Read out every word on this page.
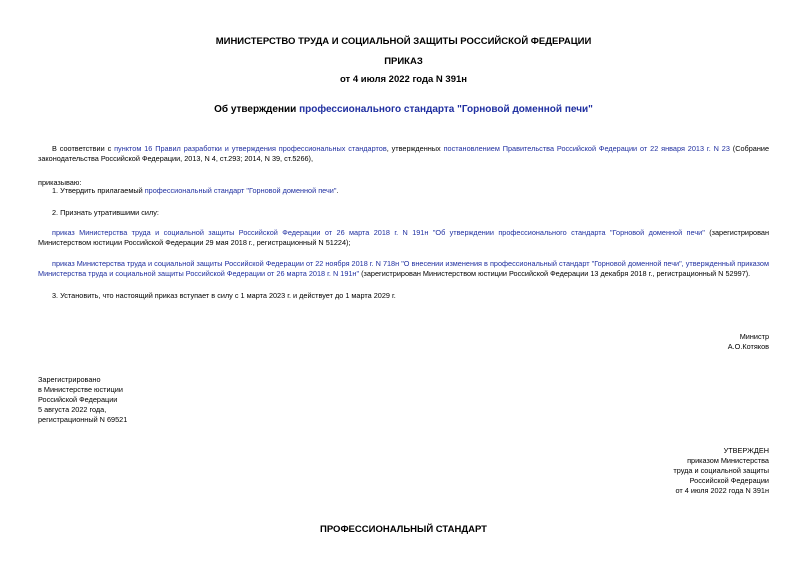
МИНИСТЕРСТВО ТРУДА И СОЦИАЛЬНОЙ ЗАЩИТЫ РОССИЙСКОЙ ФЕДЕРАЦИИ
ПРИКАЗ
от 4 июля 2022 года N 391н
Об утверждении профессионального стандарта "Горновой доменной печи"
В соответствии с пунктом 16 Правил разработки и утверждения профессиональных стандартов, утвержденных постановлением Правительства Российской Федерации от 22 января 2013 г. N 23 (Собрание законодательства Российской Федерации, 2013, N 4, ст.293; 2014, N 39, ст.5266),
приказываю:
1. Утвердить прилагаемый профессиональный стандарт "Горновой доменной печи".
2. Признать утратившими силу:
приказ Министерства труда и социальной защиты Российской Федерации от 26 марта 2018 г. N 191н "Об утверждении профессионального стандарта "Горновой доменной печи" (зарегистрирован Министерством юстиции Российской Федерации 29 мая 2018 г., регистрационный N 51224);
приказ Министерства труда и социальной защиты Российской Федерации от 22 ноября 2018 г. N 718н "О внесении изменения в профессиональный стандарт "Горновой доменной печи", утвержденный приказом Министерства труда и социальной защиты Российской Федерации от 26 марта 2018 г. N 191н" (зарегистрирован Министерством юстиции Российской Федерации 13 декабря 2018 г., регистрационный N 52997).
3. Установить, что настоящий приказ вступает в силу с 1 марта 2023 г. и действует до 1 марта 2029 г.
Министр
А.О.Котяков
Зарегистрировано
в Министерстве юстиции
Российской Федерации
5 августа 2022 года,
регистрационный N 69521
УТВЕРЖДЕН
приказом Министерства
труда и социальной защиты
Российской Федерации
от 4 июля 2022 года N 391н
ПРОФЕССИОНАЛЬНЫЙ СТАНДАРТ
